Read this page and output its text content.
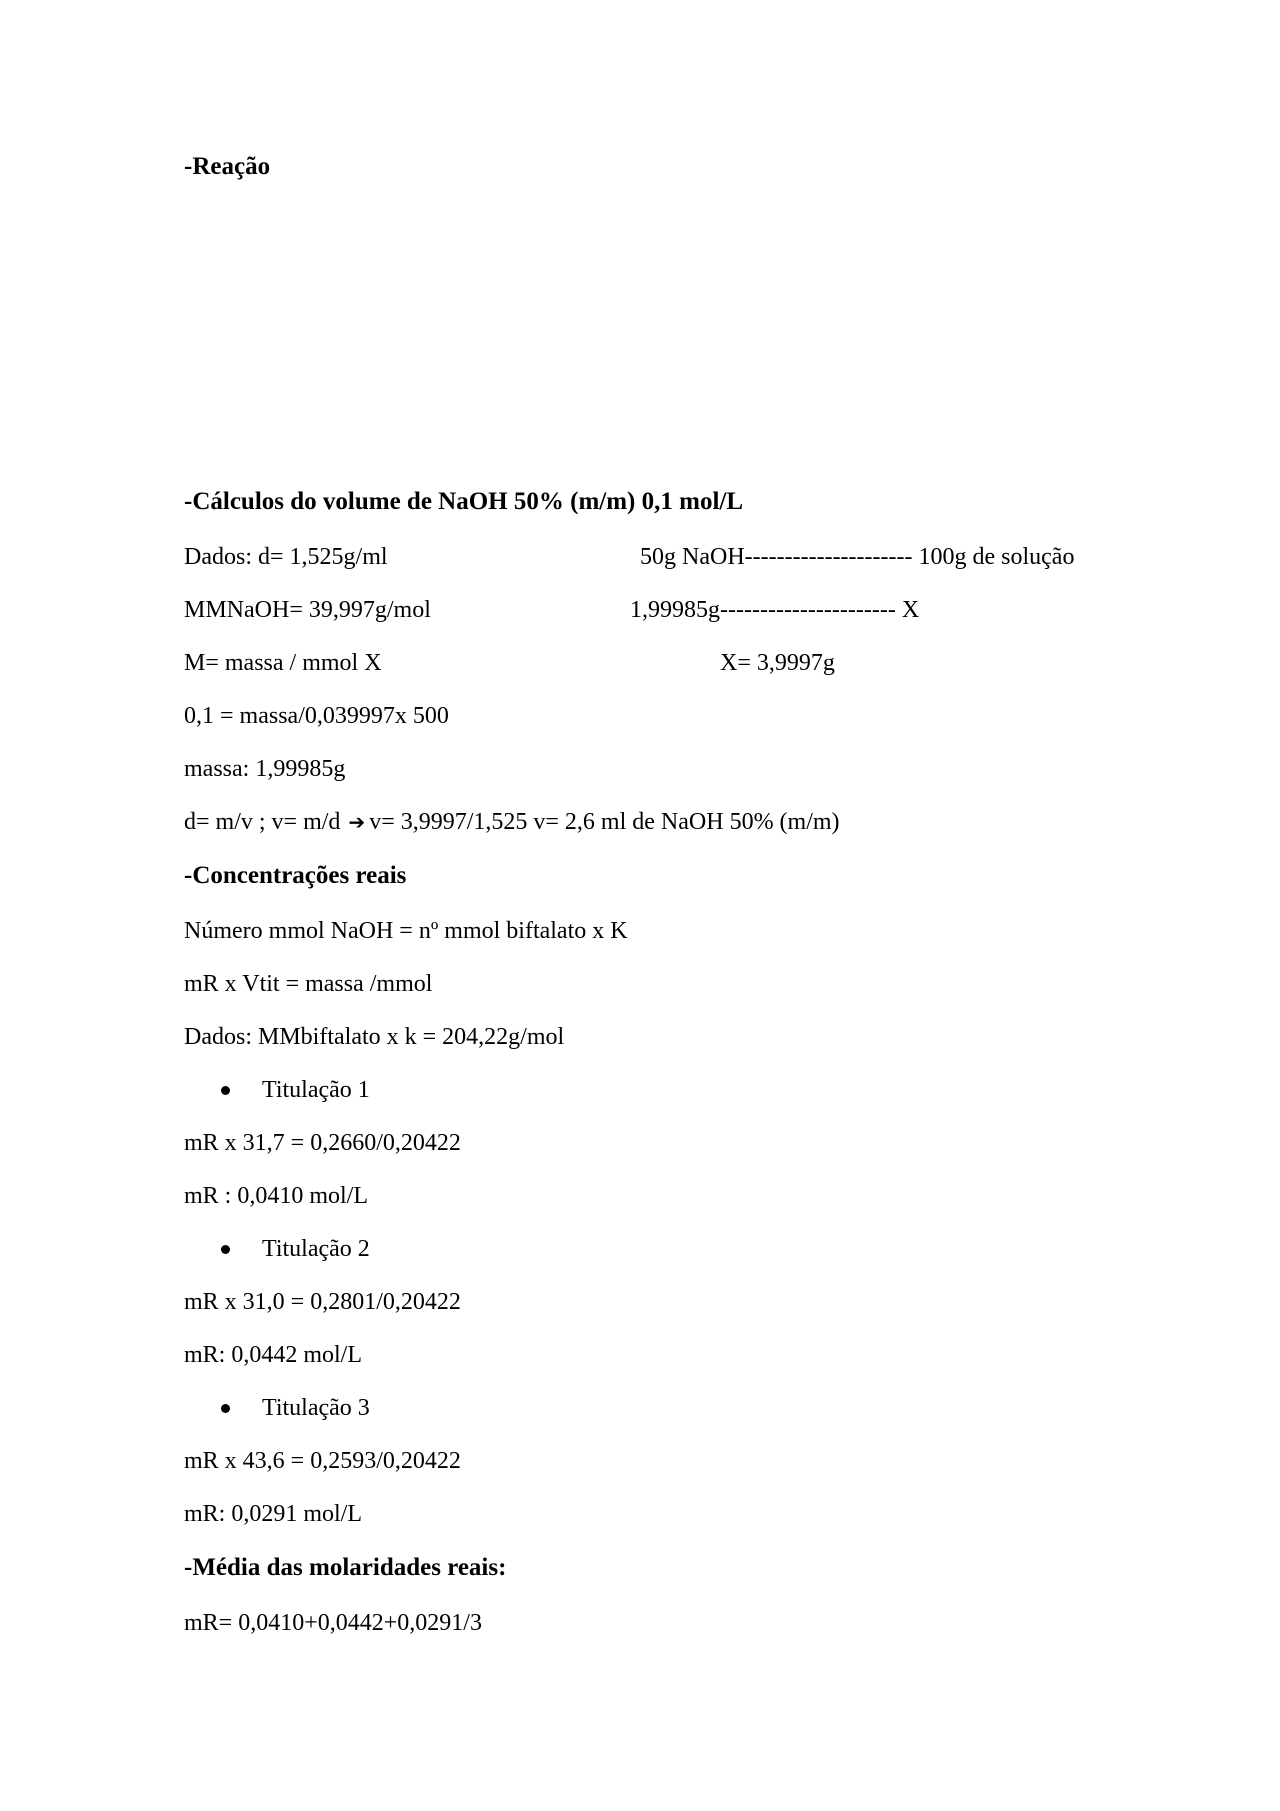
-Reação
-Cálculos do volume de NaOH 50% (m/m) 0,1 mol/L
Dados: d= 1,525g/ml
MMNaOH= 39,997g/mol
M= massa / mmol X
0,1 = massa/0,039997x 500
massa: 1,99985g
50g NaOH--------------------- 100g de solução
1,99985g---------------------- X
X= 3,9997g
d= m/v ; v= m/d ➔ v= 3,9997/1,525 v= 2,6 ml de NaOH 50% (m/m)
-Concentrações reais
Número mmol NaOH = nº mmol biftalato x K
mR x Vtit = massa /mmol
Dados: MMbiftalato x k = 204,22g/mol

Titulação 1

mR x 31,7 = 0,2660/0,20422
mR : 0,0410 mol/L

Titulação 2

mR x 31,0 = 0,2801/0,20422
mR: 0,0442 mol/L

Titulação 3

mR x 43,6 = 0,2593/0,20422
mR: 0,0291 mol/L
-Média das molaridades reais:
mR= 0,0410+0,0442+0,0291/3
